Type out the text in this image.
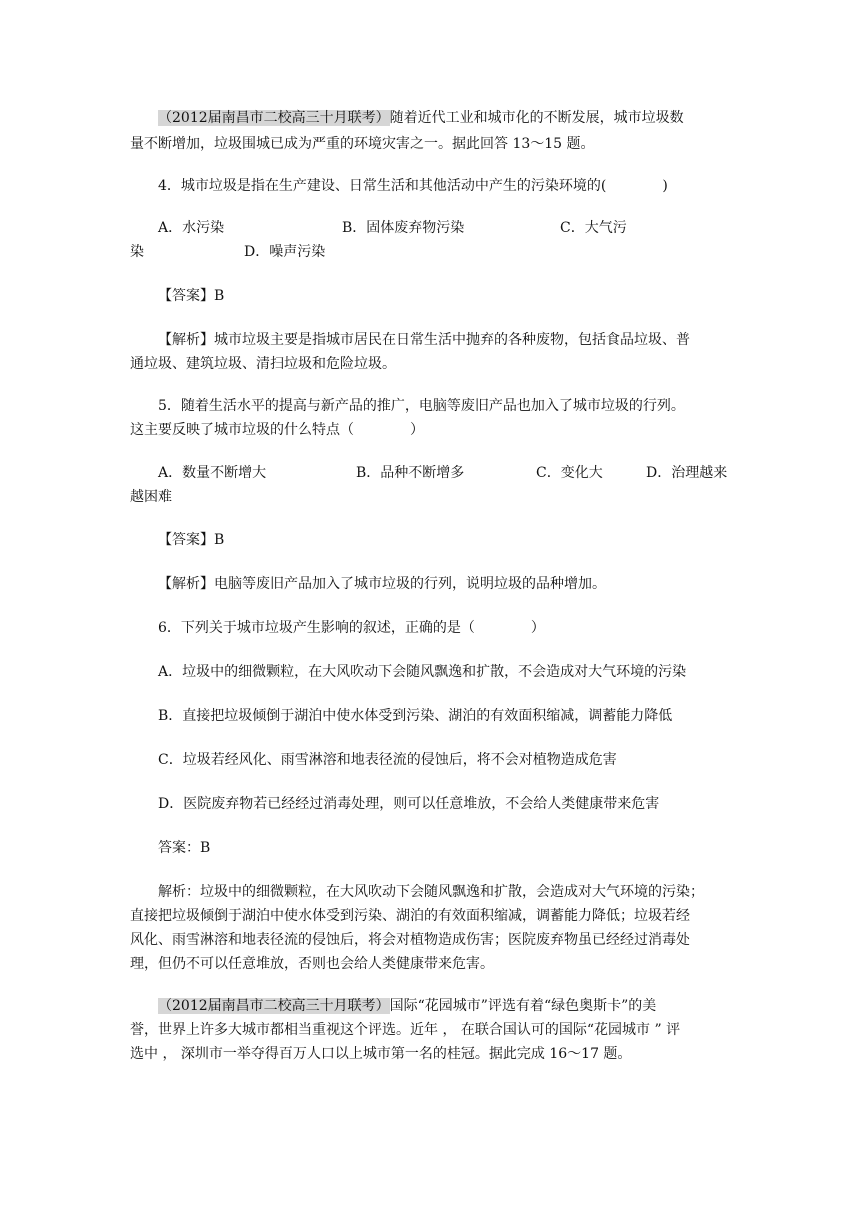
（2012届南昌市二校高三十月联考）随着近代工业和城市化的不断发展，城市垃圾数
量不断增加，垃圾围城已成为严重的环境灾害之一。据此回答 13～15 题。
4．城市垃圾是指在生产建设、日常生活和其他活动中产生的污染环境的(　　　　)
A．水污染	B．固体废弃物污染	C．大气污
染	D．噪声污染
【答案】B
【解析】城市垃圾主要是指城市居民在日常生活中抛弃的各种废物，包括食品垃圾、普
通垃圾、建筑垃圾、清扫垃圾和危险垃圾。
5．随着生活水平的提高与新产品的推广，电脑等废旧产品也加入了城市垃圾的行列。
这主要反映了城市垃圾的什么特点（　　　　）
A．数量不断增大	B．品种不断增多	C．变化大	D．治理越来
越困难
【答案】B
【解析】电脑等废旧产品加入了城市垃圾的行列，说明垃圾的品种增加。
6．下列关于城市垃圾产生影响的叙述，正确的是（　　　　）
A．垃圾中的细微颗粒，在大风吹动下会随风飘逸和扩散，不会造成对大气环境的污染
B．直接把垃圾倾倒于湖泊中使水体受到污染、湖泊的有效面积缩减，调蓄能力降低
C．垃圾若经风化、雨雪淋溶和地表径流的侵蚀后，将不会对植物造成危害
D．医院废弃物若已经经过消毒处理，则可以任意堆放，不会给人类健康带来危害
答案：B
解析：垃圾中的细微颗粒，在大风吹动下会随风飘逸和扩散，会造成对大气环境的污染；
直接把垃圾倾倒于湖泊中使水体受到污染、湖泊的有效面积缩减，调蓄能力降低；垃圾若经
风化、雨雪淋溶和地表径流的侵蚀后，将会对植物造成伤害；医院废弃物虽已经经过消毒处
理，但仍不可以任意堆放，否则也会给人类健康带来危害。
（2012届南昌市二校高三十月联考）国际“花园城市”评选有着“绿色奥斯卡”的美
誉，世界上许多大城市都相当重视这个评选。近年 ， 在联合国认可的国际“花园城市 ” 评
选中 ， 深圳市一举夺得百万人口以上城市第一名的桂冠。据此完成 16～17 题。
